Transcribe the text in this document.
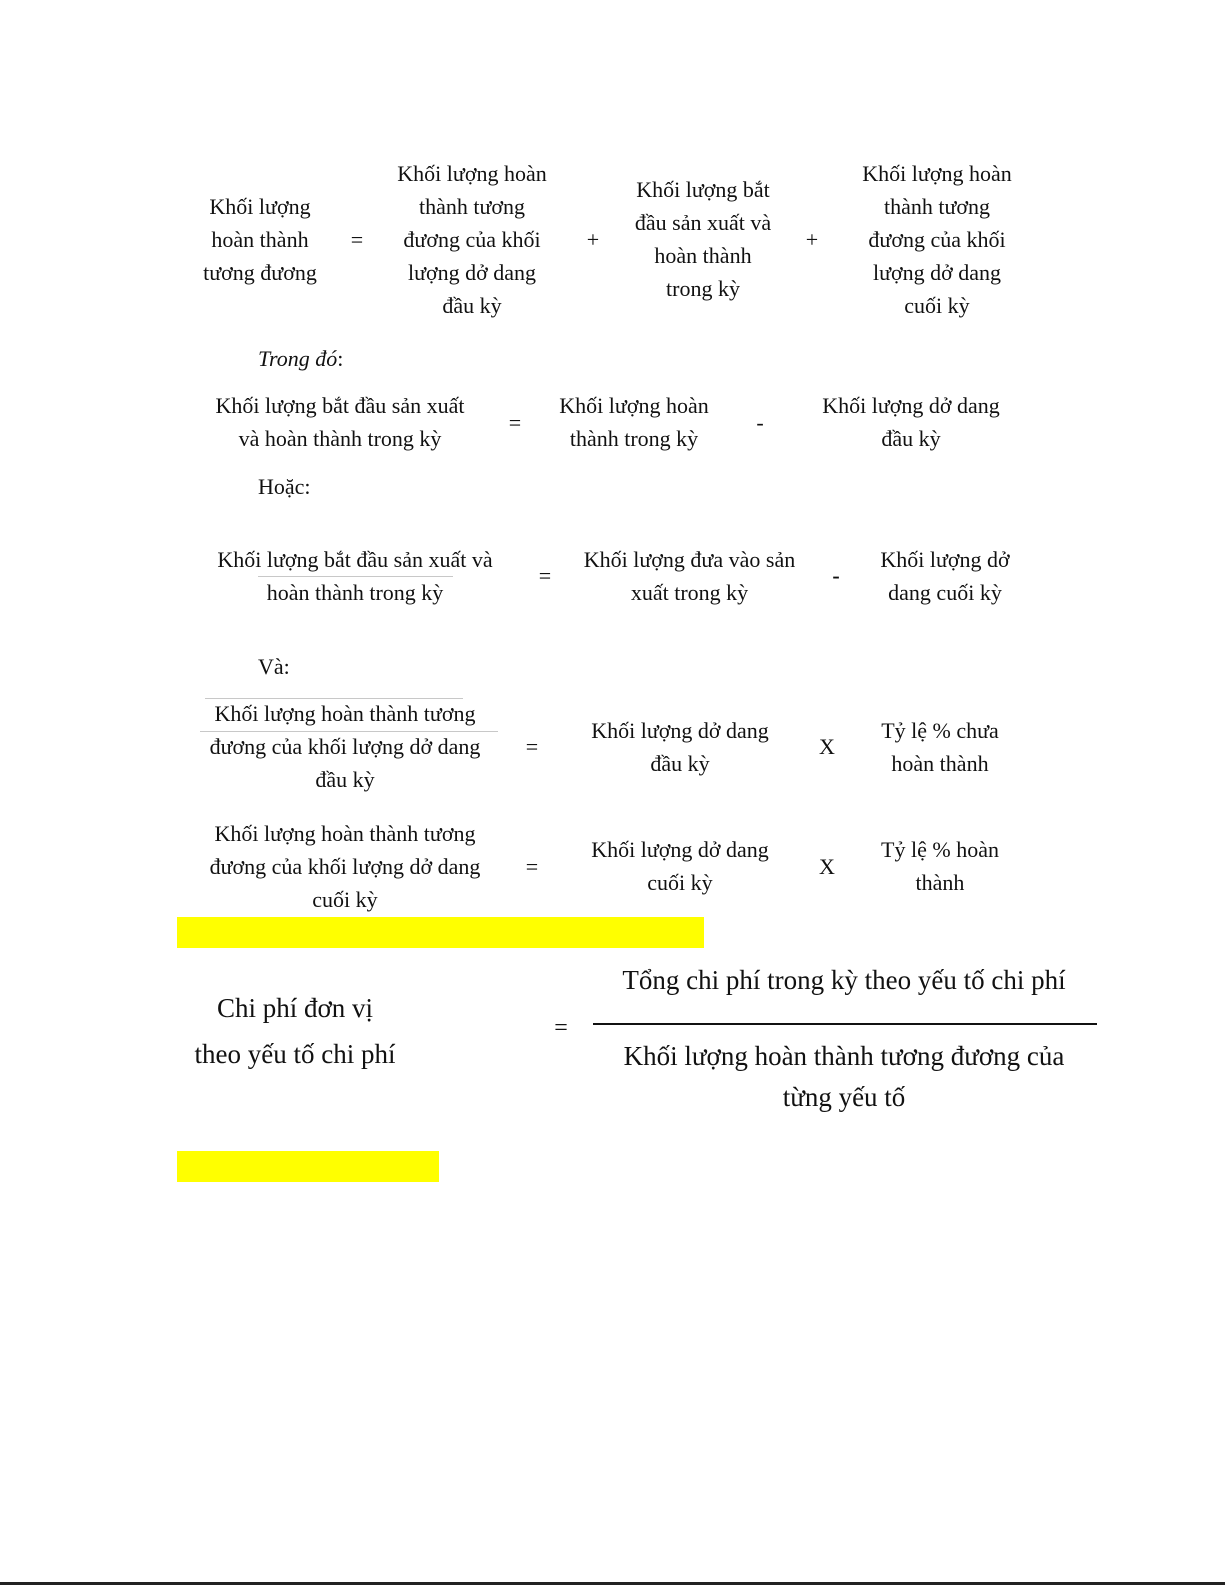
Khối lượng
hoàn thành
tương đương
=
Khối lượng hoàn
thành tương
đương của khối
lượng dở dang
đầu kỳ
+
Khối lượng bắt
đầu sản xuất và
hoàn thành
trong kỳ
+
Khối lượng hoàn
thành tương
đương của khối
lượng dở dang
cuối kỳ
Trong đó:
Khối lượng bắt đầu sản xuất
và hoàn thành trong kỳ
=
Khối lượng hoàn
thành trong kỳ
-
Khối lượng dở dang
đầu kỳ
Hoặc:
Khối lượng bắt đầu sản xuất và
hoàn thành trong kỳ
=
Khối lượng đưa vào sản
xuất trong kỳ
-
Khối lượng dở
dang cuối kỳ
Và:
Khối lượng hoàn thành tương
đương của khối lượng dở dang
đầu kỳ
=
Khối lượng dở dang
đầu kỳ
X
Tỷ lệ % chưa
hoàn thành
Khối lượng hoàn thành tương
đương của khối lượng dở dang
cuối kỳ
=
Khối lượng dở dang
cuối kỳ
X
Tỷ lệ % hoàn
thành
Chi phí đơn vị
theo yếu tố chi phí
=
Tổng chi phí trong kỳ theo yếu tố chi phí
Khối lượng hoàn thành tương đương của
từng yếu tố
